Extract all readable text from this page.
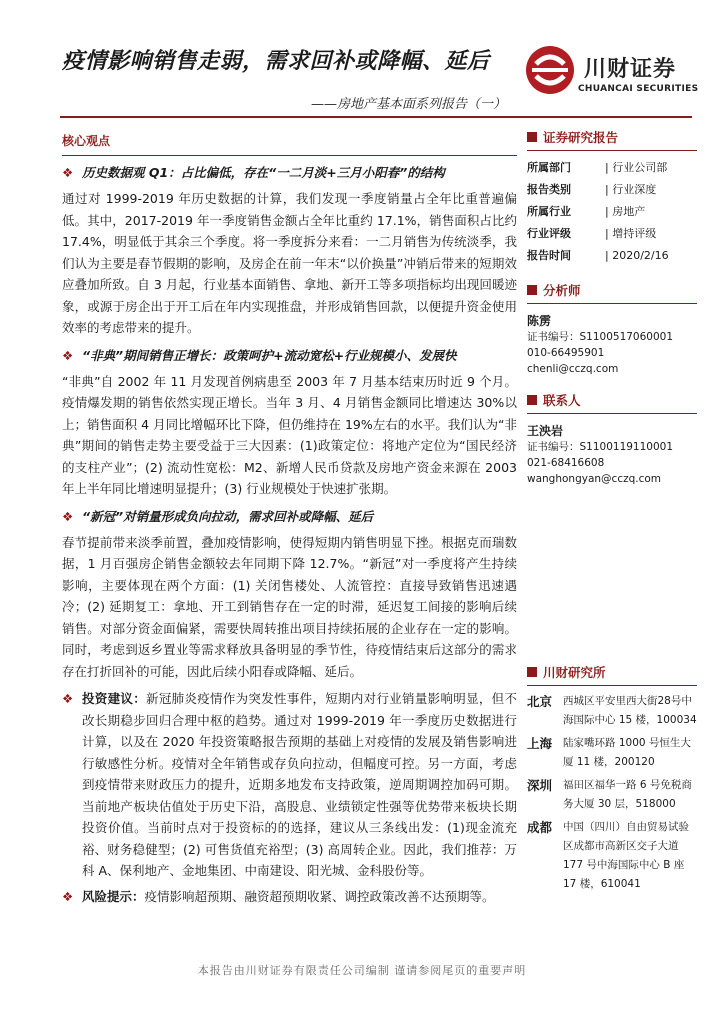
疫情影响销售走弱，需求回补或降幅、延后
——房地产基本面系列报告（一）
川财证券
CHUANCAI SECURITIES
核心观点
❖ 历史数据观 Q1：占比偏低，存在“一二月淡+三月小阳春”的结构

通过对 1999-2019 年历史数据的计算，我们发现一季度销量占全年比重普遍偏低。其中，2017-2019 年一季度销售金额占全年比重约 17.1%，销售面积占比约 17.4%，明显低于其余三个季度。将一季度拆分来看：一二月销售为传统淡季，我们认为主要是春节假期的影响，及房企在前一年末“以价换量”冲销后带来的短期效应叠加所致。自 3 月起，行业基本面销售、拿地、新开工等多项指标均出现回暖迹象，或源于房企出于开工后在年内实现推盘，并形成销售回款，以便提升资金使用效率的考虑带来的提升。

❖ “非典”期间销售正增长：政策呵护+流动宽松+行业规模小、发展快

“非典”自 2002 年 11 月发现首例病患至 2003 年 7 月基本结束历时近 9 个月。疫情爆发期的销售依然实现正增长。当年 3 月、4 月销售金额同比增速达 30%以上；销售面积 4 月同比增幅环比下降，但仍维持在 19%左右的水平。我们认为“非典”期间的销售走势主要受益于三大因素：(1)政策定位：将地产定位为“国民经济的支柱产业”；(2) 流动性宽松：M2、新增人民币贷款及房地产资金来源在 2003 年上半年同比增速明显提升；(3) 行业规模处于快速扩张期。

❖ “新冠”对销量形成负向拉动，需求回补或降幅、延后

春节提前带来淡季前置，叠加疫情影响，使得短期内销售明显下挫。根据克而瑞数据，1 月百强房企销售金额较去年同期下降 12.7%。“新冠”对一季度将产生持续影响，主要体现在两个方面：(1) 关闭售楼处、人流管控：直接导致销售迅速遇冷；(2) 延期复工：拿地、开工到销售存在一定的时滞，延迟复工间接的影响后续销售。对部分资金面偏紧，需要快周转推出项目持续拓展的企业存在一定的影响。同时，考虑到返乡置业等需求释放具备明显的季节性，待疫情结束后这部分的需求存在打折回补的可能，因此后续小阳春或降幅、延后。

❖ 投资建议：新冠肺炎疫情作为突发性事件，短期内对行业销量影响明显，但不改长期稳步回归合理中枢的趋势。通过对 1999-2019 年一季度历史数据进行计算，以及在 2020 年投资策略报告预期的基础上对疫情的发展及销售影响进行敏感性分析。疫情对全年销售或存负向拉动，但幅度可控。另一方面，考虑到疫情带来财政压力的提升，近期多地发布支持政策，逆周期调控加码可期。当前地产板块估值处于历史下沿，高股息、业绩锁定性强等优势带来板块长期投资价值。当前时点对于投资标的的选择，建议从三条线出发：(1)现金流充裕、财务稳健型；(2) 可售货值充裕型；(3) 高周转企业。因此，我们推荐：万科 A、保利地产、金地集团、中南建设、阳光城、金科股份等。
❖ 风险提示：疫情影响超预期、融资超预期收紧、调控政策改善不达预期等。
证券研究报告
所属部门	| 行业公司部
报告类别	| 行业深度
所属行业	| 房地产
行业评级	| 增持评级
报告时间	| 2020/2/16
分析师
陈雳
证书编号：S1100517060001
010-66495901
chenli@cczq.com
联系人
王泱岩
证书编号：S1100119110001
021-68416608
wanghongyan@cczq.com
川财研究所
北京	西城区平安里西大街28号中海国际中心 15 楼，100034
上海	陆家嘴环路 1000 号恒生大厦 11 楼，200120
深圳	福田区福华一路 6 号免税商务大厦 30 层，518000
成都	中国（四川）自由贸易试验区成都市高新区交子大道 177 号中海国际中心 B 座 17 楼，610041
本报告由川财证券有限责任公司编制 谨请参阅尾页的重要声明
